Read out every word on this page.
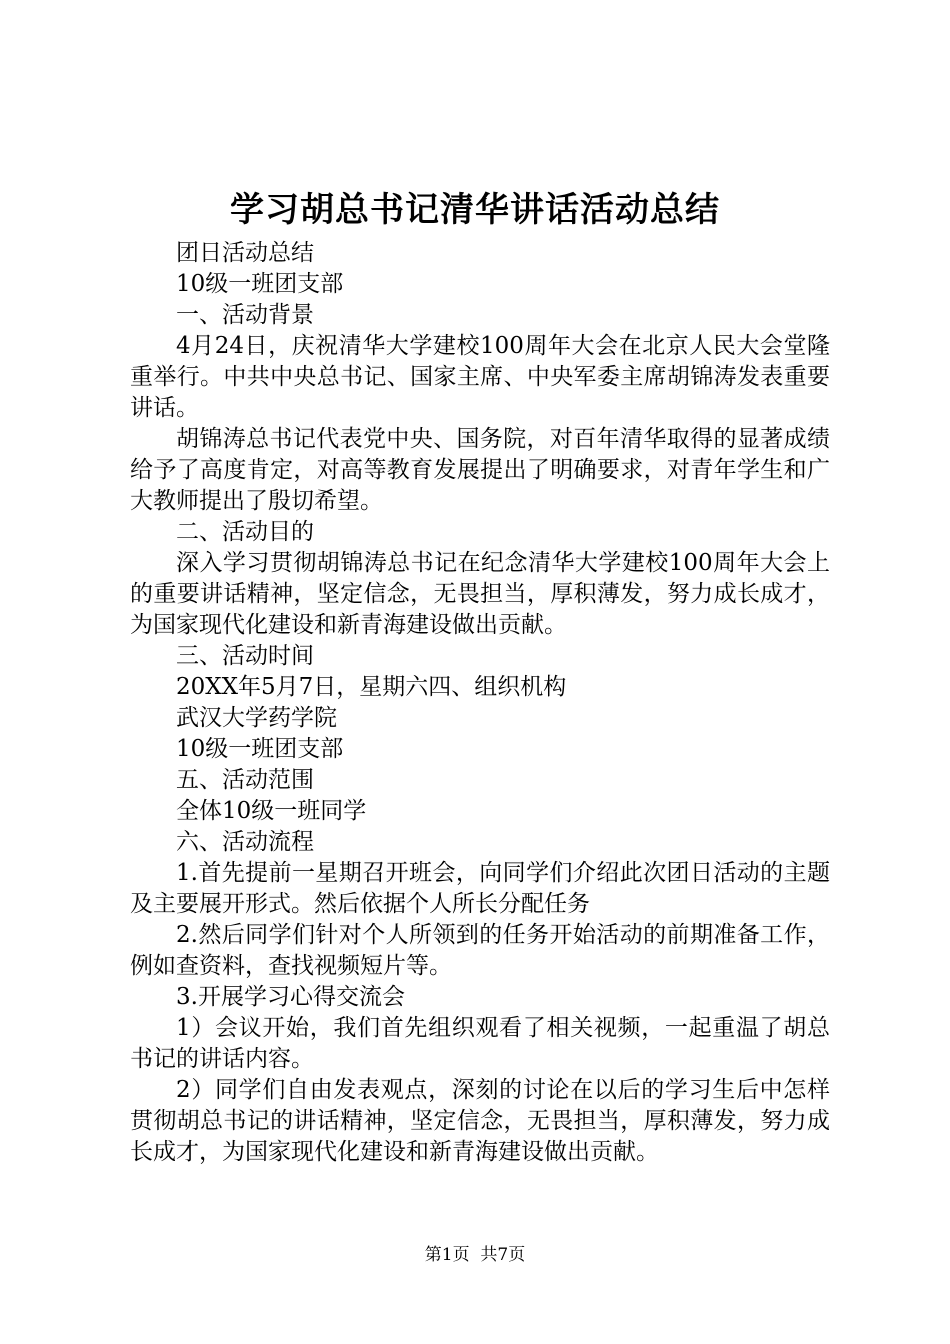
学习胡总书记清华讲话活动总结

团日活动总结

10级一班团支部

一、活动背景

4月24日，庆祝清华大学建校100周年大会在北京人民大会堂隆重举行。中共中央总书记、国家主席、中央军委主席胡锦涛发表重要讲话。

胡锦涛总书记代表党中央、国务院，对百年清华取得的显著成绩给予了高度肯定，对高等教育发展提出了明确要求，对青年学生和广大教师提出了殷切希望。

二、活动目的

深入学习贯彻胡锦涛总书记在纪念清华大学建校100周年大会上的重要讲话精神，坚定信念，无畏担当，厚积薄发，努力成长成才，为国家现代化建设和新青海建设做出贡献。

三、活动时间

20XX年5月7日，星期六四、组织机构

武汉大学药学院

10级一班团支部

五、活动范围

全体10级一班同学

六、活动流程

1.首先提前一星期召开班会，向同学们介绍此次团日活动的主题及主要展开形式。然后依据个人所长分配任务

2.然后同学们针对个人所领到的任务开始活动的前期准备工作，例如查资料，查找视频短片等。

3.开展学习心得交流会

1）会议开始，我们首先组织观看了相关视频，一起重温了胡总书记的讲话内容。

2）同学们自由发表观点，深刻的讨论在以后的学习生后中怎样贯彻胡总书记的讲话精神，坚定信念，无畏担当，厚积薄发，努力成长成才，为国家现代化建设和新青海建设做出贡献。

第1页 共7页
